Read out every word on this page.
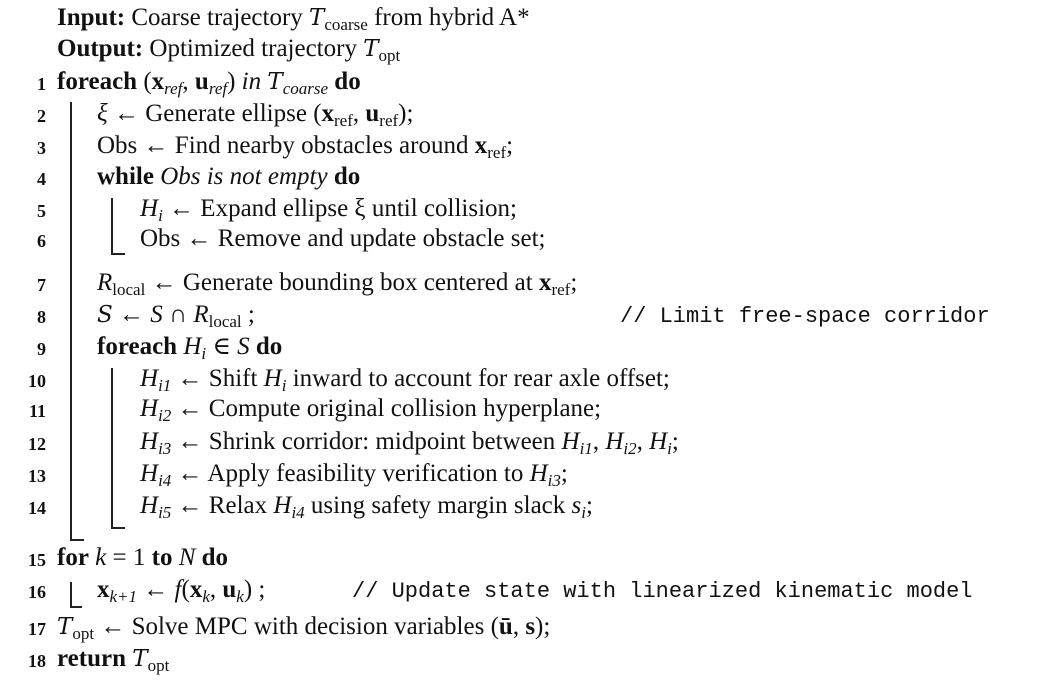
Input: Coarse trajectory $T_{coarse}$ from hybrid A*
Output: Optimized trajectory $T_{opt}$
1 foreach ($x_{ref}$, $u_{ref}$) in $T_{coarse}$ do
2 ξ ← Generate ellipse ($x_{ref}$, $u_{ref}$);
3 Obs ← Find nearby obstacles around $x_{ref}$;
4 while Obs is not empty do
5	$H_i$ ← Expand ellipse ξ until collision;
6	Obs ← Remove and update obstacle set;
7 $R_{local}$ ← Generate bounding box centered at $x_{ref}$;
8 S ← S ∩ $R_{local}$ ;	// Limit free-space corridor
9 foreach $H_i$ ∈ S do
10	$H_{i1}$ ← Shift $H_i$ inward to account for rear axle offset;
11	$H_{i2}$ ← Compute original collision hyperplane;
12	$H_{i3}$ ← Shrink corridor: midpoint between $H_{i1}$, $H_{i2}$, $H_i$;
13	$H_{i4}$ ← Apply feasibility verification to $H_{i3}$;
14	$H_{i5}$ ← Relax $H_{i4}$ using safety margin slack $s_i$;
15 for k = 1 to N do
16 $x_{k+1}$ ← $f(x_k$, $u_k$) ;	// Update state with linearized kinematic model
17 $T_{opt}$ ← Solve MPC with decision variables (ū, s);
18 return $T_{opt}$
